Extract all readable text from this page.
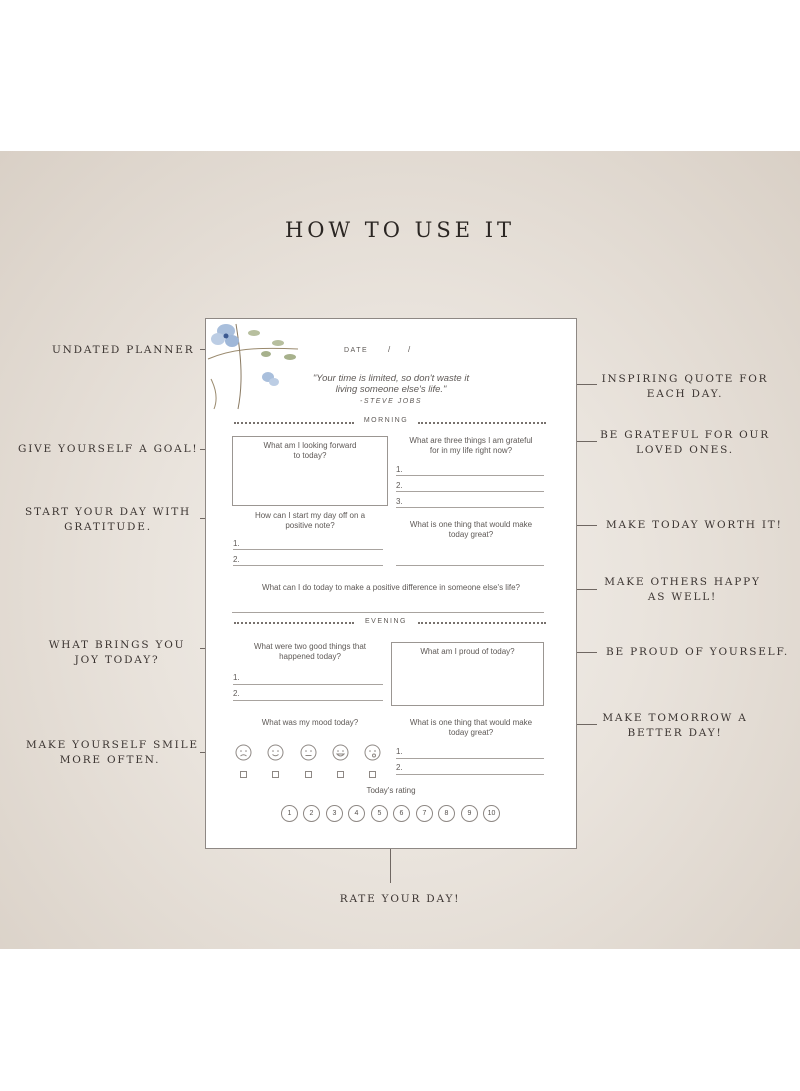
HOW TO USE IT
UNDATED PLANNER
GIVE YOURSELF A GOAL!
START YOUR DAY WITH
GRATITUDE.
WHAT BRINGS YOU
JOY TODAY?
MAKE YOURSELF SMILE
MORE OFTEN.
INSPIRING QUOTE FOR
EACH DAY.
BE GRATEFUL FOR OUR
LOVED ONES.
MAKE TODAY WORTH IT!
MAKE OTHERS HAPPY
AS WELL!
BE PROUD OF YOURSELF.
MAKE TOMORROW A
BETTER DAY!
RATE YOUR DAY!
DATE /        /
"Your time is limited, so don't waste it
living someone else's life."
-STEVE JOBS
MORNING
What am I looking forward
to today?
What are three things I am grateful
for in my life right now?
1.
2.
3.
How can I start my day off on a
positive note?
1.
2.
What is one thing that would make
today great?
What can I do today to make a positive difference in someone else's life?
EVENING
What were two good things that
happened today?
1.
2.
What am I proud of today?
What was my mood today?	What is one thing that would make
today great?
1.
2.
Today's rating
1	2	3	4	5	6	7	8	9	10
